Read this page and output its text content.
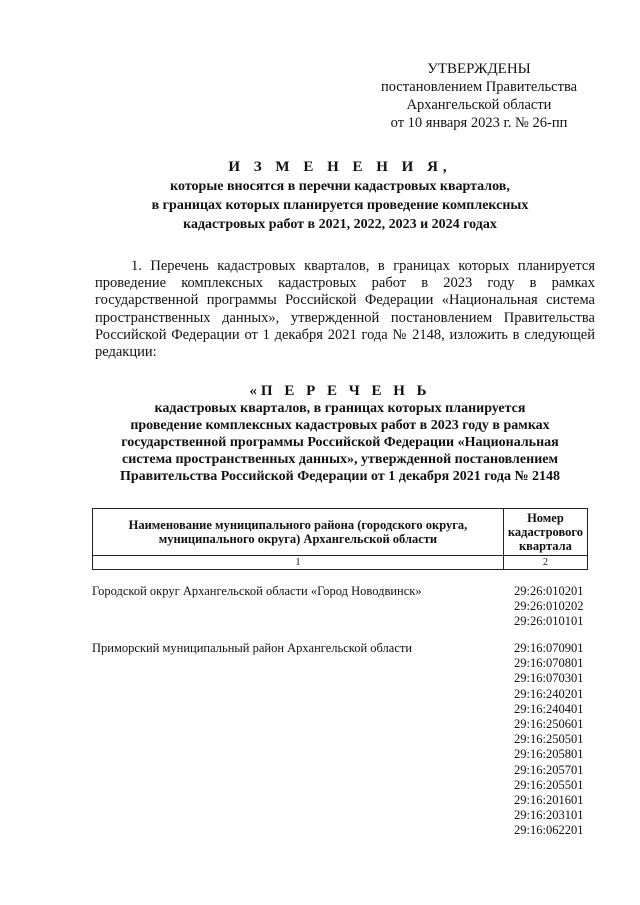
УТВЕРЖДЕНЫ
постановлением Правительства
Архангельской области
от 10 января 2023 г. № 26-пп
И З М Е Н Е Н И Я,
которые вносятся в перечни кадастровых кварталов,
в границах которых планируется проведение комплексных
кадастровых работ в 2021, 2022, 2023 и 2024 годах
1. Перечень кадастровых кварталов, в границах которых планируется проведение комплексных кадастровых работ в 2023 году в рамках государственной программы Российской Федерации «Национальная система пространственных данных», утвержденной постановлением Правительства Российской Федерации от 1 декабря 2021 года № 2148, изложить в следующей редакции:
«П Е Р Е Ч Е Н Ь
кадастровых кварталов, в границах которых планируется
проведение комплексных кадастровых работ в 2023 году в рамках
государственной программы Российской Федерации «Национальная
система пространственных данных», утвержденной постановлением
Правительства Российской Федерации от 1 декабря 2021 года № 2148
Наименование муниципального района (городского округа, муниципального округа) Архангельской области	Номер кадастрового квартала
1	2
Городской округ Архангельской области «Город Новодвинск»	29:26:010201
29:26:010202
29:26:010101
Приморский муниципальный район Архангельской области	29:16:070901
29:16:070801
29:16:070301
29:16:240201
29:16:240401
29:16:250601
29:16:250501
29:16:205801
29:16:205701
29:16:205501
29:16:201601
29:16:203101
29:16:062201
